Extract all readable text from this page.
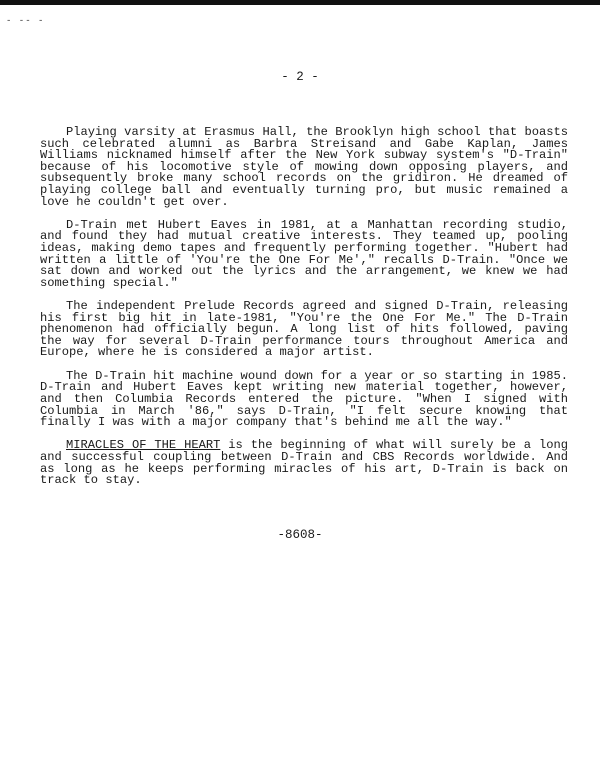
- -- -
- 2 -

Playing varsity at Erasmus Hall, the Brooklyn high school that boasts such celebrated alumni as Barbra Streisand and Gabe Kaplan, James Williams nicknamed himself after the New York subway system's "D-Train" because of his locomotive style of mowing down opposing players, and subsequently broke many school records on the gridiron. He dreamed of playing college ball and eventually turning pro, but music remained a love he couldn't get over.

D-Train met Hubert Eaves in 1981, at a Manhattan recording studio, and found they had mutual creative interests. They teamed up, pooling ideas, making demo tapes and frequently performing together. "Hubert had written a little of 'You're the One For Me'," recalls D-Train. "Once we sat down and worked out the lyrics and the arrangement, we knew we had something special."

The independent Prelude Records agreed and signed D-Train, releasing his first big hit in late-1981, "You're the One For Me." The D-Train phenomenon had officially begun. A long list of hits followed, paving the way for several D-Train performance tours throughout America and Europe, where he is considered a major artist.

The D-Train hit machine wound down for a year or so starting in 1985. D-Train and Hubert Eaves kept writing new material together, however, and then Columbia Records entered the picture. "When I signed with Columbia in March '86," says D-Train, "I felt secure knowing that finally I was with a major company that's behind me all the way."

MIRACLES OF THE HEART is the beginning of what will surely be a long and successful coupling between D-Train and CBS Records worldwide. And as long as he keeps performing miracles of his art, D-Train is back on track to stay.

-8608-
